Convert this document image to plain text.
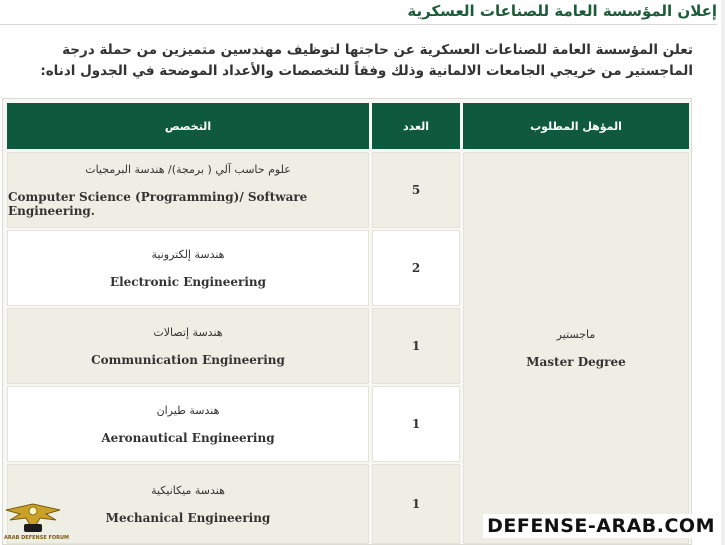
إعلان المؤسسة العامة للصناعات العسكرية
تعلن المؤسسة العامة للصناعات العسكرية عن حاجتها لتوظيف مهندسين متميزين من حملة درجة الماجستير من خريجي الجامعات الالمانية وذلك وفقاً للتخصصات والأعداد الموضحة في الجدول ادناه:
التخصص	العدد	المؤهل المطلوب
ماجستير
Master Degree
علوم حاسب آلي ( برمجة)/ هندسة البرمجيات
Computer Science (Programming)/ Software Engineering.
5
هندسة إلكترونية
Electronic Engineering
2
هندسة إتصالات
Communication Engineering
1
هندسة طيران
Aeronautical Engineering
1
هندسة ميكانيكية
Mechanical Engineering
1
ARAB DEFENSE FORUM
DEFENSE-ARAB.COM
